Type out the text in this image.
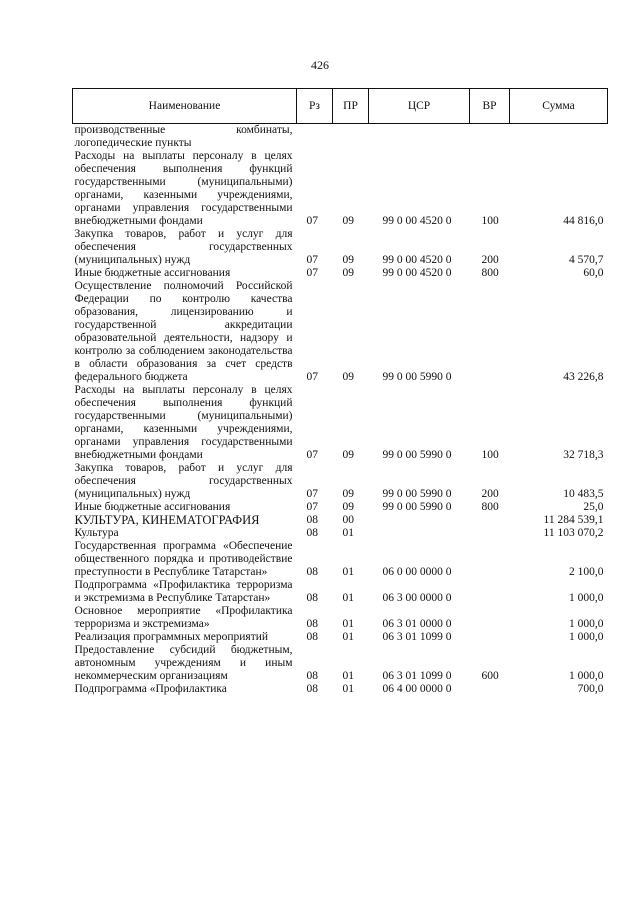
426
Наименование	Рз	ПР	ЦСР	ВР	Сумма
производственные комбинаты, логопедические пункты					
Расходы на выплаты персоналу в целях обеспечения выполнения функций государственными (муниципальными) органами, казенными учреждениями, органами управления государственными внебюджетными фондами	07	09	99 0 00 4520 0	100	44 816,0
Закупка товаров, работ и услуг для обеспечения государственных (муниципальных) нужд	07	09	99 0 00 4520 0	200	4 570,7
Иные бюджетные ассигнования	07	09	99 0 00 4520 0	800	60,0
Осуществление полномочий Российской Федерации по контролю качества образования, лицензированию и государственной аккредитации образовательной деятельности, надзору и контролю за соблюдением законодательства в области образования за счет средств федерального бюджета	07	09	99 0 00 5990 0		43 226,8
Расходы на выплаты персоналу в целях обеспечения выполнения функций государственными (муниципальными) органами, казенными учреждениями, органами управления государственными внебюджетными фондами	07	09	99 0 00 5990 0	100	32 718,3
Закупка товаров, работ и услуг для обеспечения государственных (муниципальных) нужд	07	09	99 0 00 5990 0	200	10 483,5
Иные бюджетные ассигнования	07	09	99 0 00 5990 0	800	25,0
КУЛЬТУРА, КИНЕМАТОГРАФИЯ	08	00			11 284 539,1
Культура	08	01			11 103 070,2
Государственная программа «Обеспечение общественного порядка и противодействие преступности в Республике Татарстан»	08	01	06 0 00 0000 0		2 100,0
Подпрограмма «Профилактика терроризма и экстремизма в Республике Татарстан»	08	01	06 3 00 0000 0		1 000,0
Основное мероприятие «Профилактика терроризма и экстремизма»	08	01	06 3 01 0000 0		1 000,0
Реализация программных мероприятий	08	01	06 3 01 1099 0		1 000,0
Предоставление субсидий бюджетным, автономным учреждениям и иным некоммерческим организациям	08	01	06 3 01 1099 0	600	1 000,0
Подпрограмма «Профилактика	08	01	06 4 00 0000 0		700,0
